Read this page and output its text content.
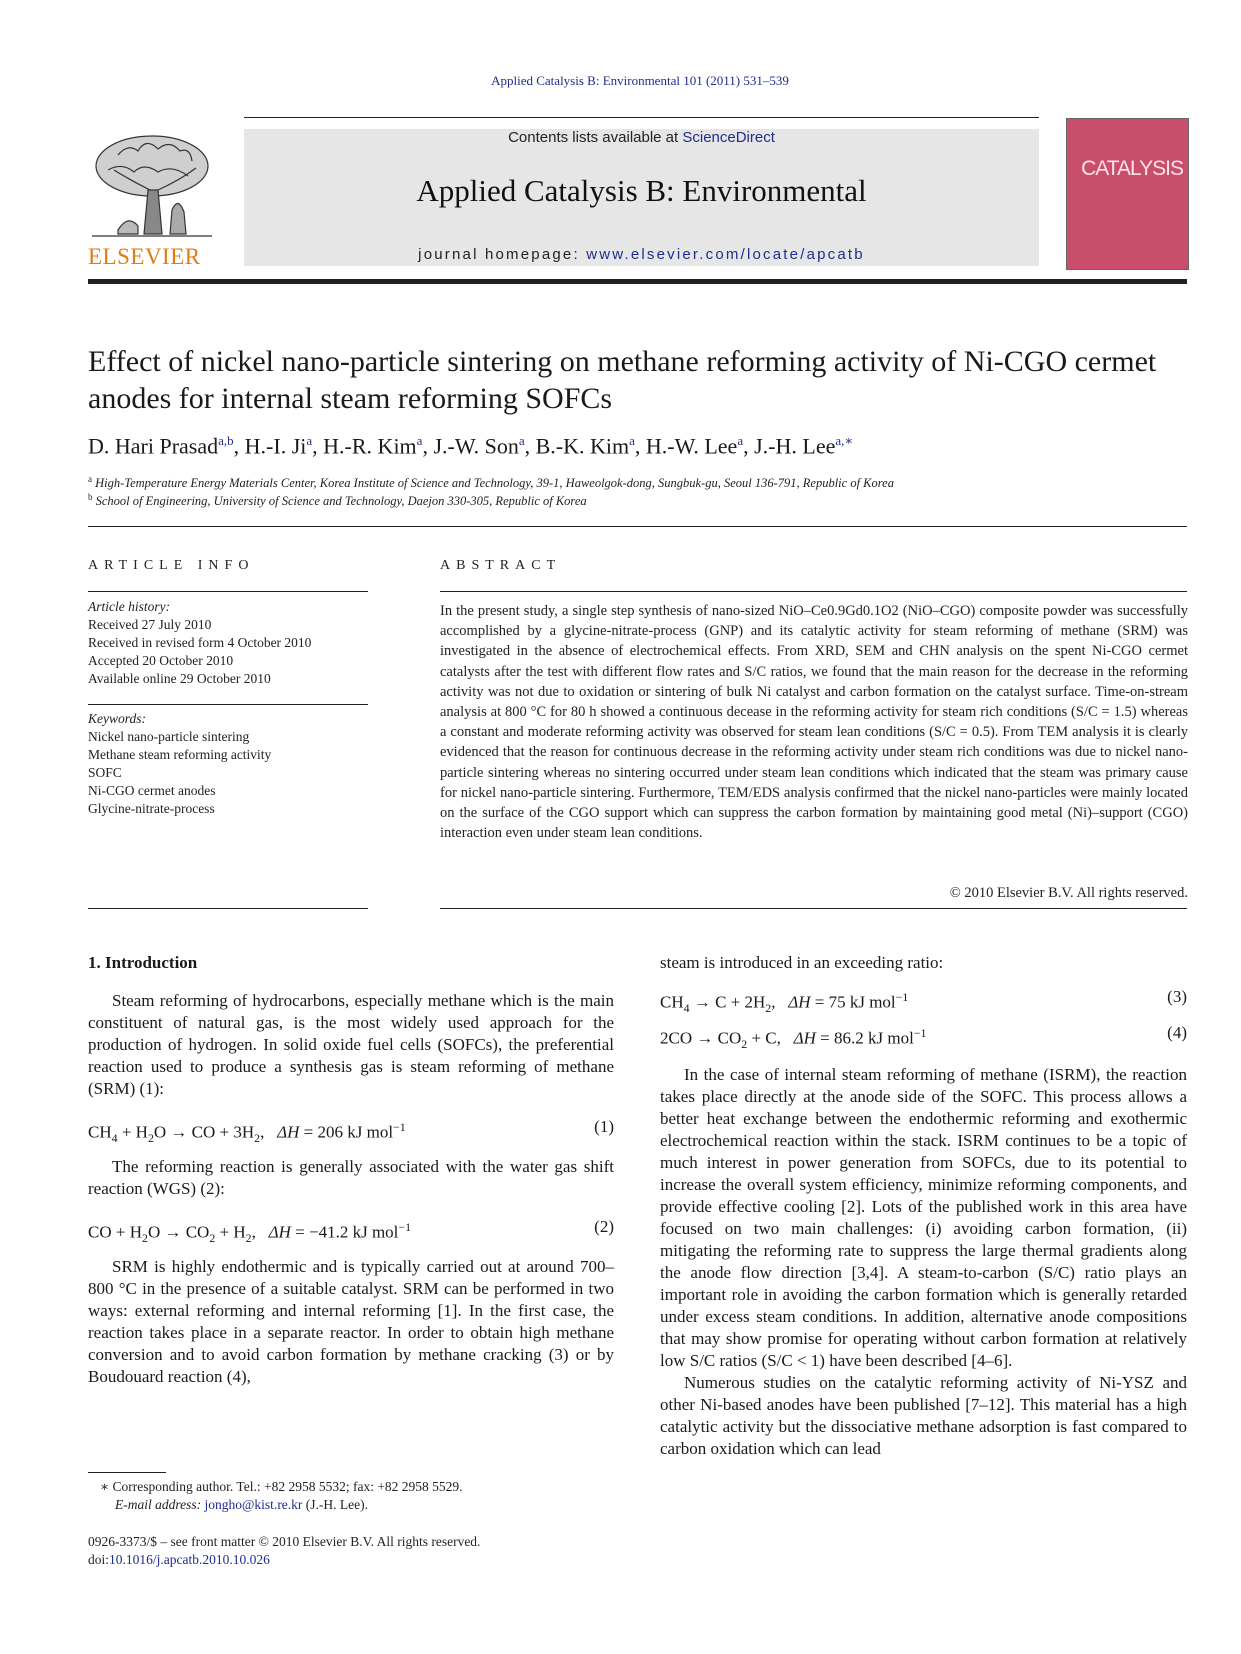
Applied Catalysis B: Environmental 101 (2011) 531–539
ELSEVIER
Contents lists available at ScienceDirect
Applied Catalysis B: Environmental
journal homepage: www.elsevier.com/locate/apcatb
CATALYSIS
Effect of nickel nano-particle sintering on methane reforming activity of Ni-CGO cermet anodes for internal steam reforming SOFCs
D. Hari Prasad$^{a,b}$, H.-I. Ji$^a$, H.-R. Kim$^a$, J.-W. Son$^a$, B.-K. Kim$^a$, H.-W. Lee$^a$, J.-H. Lee$^{a,∗}$
$^a$ High-Temperature Energy Materials Center, Korea Institute of Science and Technology, 39-1, Haweolgok-dong, Sungbuk-gu, Seoul 136-791, Republic of Korea
$^b$ School of Engineering, University of Science and Technology, Daejon 330-305, Republic of Korea
ARTICLE INFO
Article history:
Received 27 July 2010
Received in revised form 4 October 2010
Accepted 20 October 2010
Available online 29 October 2010
Keywords:
Nickel nano-particle sintering
Methane steam reforming activity
SOFC
Ni-CGO cermet anodes
Glycine-nitrate-process
ABSTRACT
In the present study, a single step synthesis of nano-sized NiO–Ce0.9Gd0.1O2 (NiO–CGO) composite powder was successfully accomplished by a glycine-nitrate-process (GNP) and its catalytic activity for steam reforming of methane (SRM) was investigated in the absence of electrochemical effects. From XRD, SEM and CHN analysis on the spent Ni-CGO cermet catalysts after the test with different flow rates and S/C ratios, we found that the main reason for the decrease in the reforming activity was not due to oxidation or sintering of bulk Ni catalyst and carbon formation on the catalyst surface. Time-on-stream analysis at 800 °C for 80 h showed a continuous decease in the reforming activity for steam rich conditions (S/C = 1.5) whereas a constant and moderate reforming activity was observed for steam lean conditions (S/C = 0.5). From TEM analysis it is clearly evidenced that the reason for continuous decrease in the reforming activity under steam rich conditions was due to nickel nano-particle sintering whereas no sintering occurred under steam lean conditions which indicated that the steam was primary cause for nickel nano-particle sintering. Furthermore, TEM/EDS analysis confirmed that the nickel nano-particles were mainly located on the surface of the CGO support which can suppress the carbon formation by maintaining good metal (Ni)–support (CGO) interaction even under steam lean conditions.
© 2010 Elsevier B.V. All rights reserved.
1. Introduction

Steam reforming of hydrocarbons, especially methane which is the main constituent of natural gas, is the most widely used approach for the production of hydrogen. In solid oxide fuel cells (SOFCs), the preferential reaction used to produce a synthesis gas is steam reforming of methane (SRM) (1):

$CH_4 + H_2O$ → CO + $3H_2$,   ΔH = 206 kJ mol$^{-1}$	(1)

The reforming reaction is generally associated with the water gas shift reaction (WGS) (2):

CO + $H_2O \to CO_2 + H_2$,   ΔH = −41.2 kJ mol$^{-1}$	(2)

SRM is highly endothermic and is typically carried out at around 700–800 °C in the presence of a suitable catalyst. SRM can be performed in two ways: external reforming and internal reforming [1]. In the first case, the reaction takes place in a separate reactor. In order to obtain high methane conversion and to avoid carbon formation by methane cracking (3) or by Boudouard reaction (4),

steam is introduced in an exceeding ratio:
$CH_4 \to C + 2H_2$,   ΔH = 75 kJ mol$^{-1}$	(3)
$2CO \to CO_2 + C$,   ΔH = 86.2 kJ mol$^{-1}$	(4)

In the case of internal steam reforming of methane (ISRM), the reaction takes place directly at the anode side of the SOFC. This process allows a better heat exchange between the endothermic reforming and exothermic electrochemical reaction within the stack. ISRM continues to be a topic of much interest in power generation from SOFCs, due to its potential to increase the overall system efficiency, minimize reforming components, and provide effective cooling [2]. Lots of the published work in this area have focused on two main challenges: (i) avoiding carbon formation, (ii) mitigating the reforming rate to suppress the large thermal gradients along the anode flow direction [3,4]. A steam-to-carbon (S/C) ratio plays an important role in avoiding the carbon formation which is generally retarded under excess steam conditions. In addition, alternative anode compositions that may show promise for operating without carbon formation at relatively low S/C ratios (S/C < 1) have been described [4–6].

Numerous studies on the catalytic reforming activity of Ni-YSZ and other Ni-based anodes have been published [7–12]. This material has a high catalytic activity but the dissociative methane adsorption is fast compared to carbon oxidation which can lead

∗ Corresponding author. Tel.: +82 2958 5532; fax: +82 2958 5529.
E-mail address: jongho@kist.re.kr (J.-H. Lee).
0926-3373/$ – see front matter © 2010 Elsevier B.V. All rights reserved.
doi:10.1016/j.apcatb.2010.10.026
